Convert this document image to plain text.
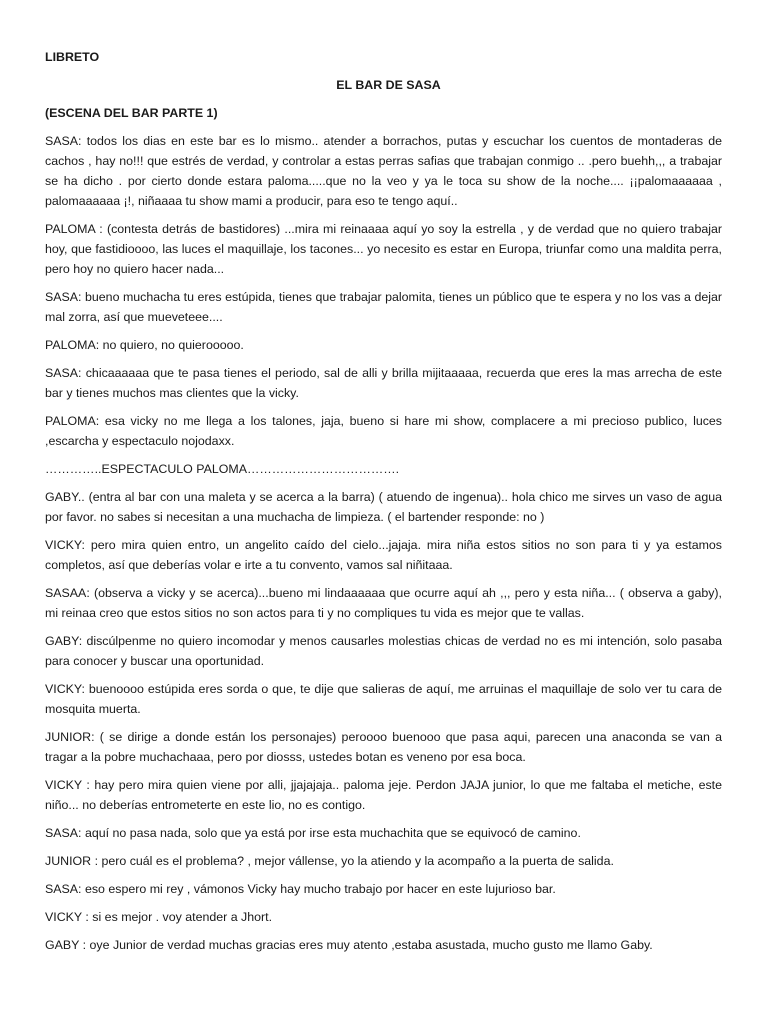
LIBRETO
EL BAR DE SASA
(ESCENA DEL BAR PARTE 1)

SASA: todos los dias en este bar es lo mismo.. atender a borrachos, putas y escuchar los cuentos de montaderas de cachos , hay no!!! que estrés de verdad, y controlar a estas perras safias que trabajan conmigo .. .pero buehh,,, a trabajar se ha dicho . por cierto donde estara paloma.....que no la veo y ya le toca su show de la noche.... ¡¡palomaaaaaa , palomaaaaaa ¡!, niñaaaa tu show mami a producir, para eso te tengo aquí..

PALOMA : (contesta detrás de bastidores) ...mira mi reinaaaa aquí yo soy la estrella , y de verdad que no quiero trabajar hoy, que fastidioooo, las luces el maquillaje, los tacones... yo necesito es estar en Europa, triunfar como una maldita perra, pero hoy no quiero hacer nada...

SASA: bueno muchacha tu eres estúpida, tienes que trabajar palomita, tienes un público que te espera y no los vas a dejar mal zorra, así que mueveteee....

PALOMA: no quiero, no quierooooo.

SASA: chicaaaaaa que te pasa tienes el periodo, sal de alli y brilla mijitaaaaa, recuerda que eres la mas arrecha de este bar y tienes muchos mas clientes que la vicky.

PALOMA: esa vicky no me llega a los talones, jaja, bueno si hare mi show, complacere a mi precioso publico, luces ,escarcha y espectaculo nojodaxx.

…………..ESPECTACULO PALOMA……………………………….

GABY.. (entra al bar con una maleta y se acerca a la barra) ( atuendo de ingenua).. hola chico me sirves un vaso de agua por favor. no sabes si necesitan a una muchacha de limpieza. ( el bartender responde: no )

VICKY: pero mira quien entro, un angelito caído del cielo...jajaja. mira niña estos sitios no son para ti y ya estamos completos, así que deberías volar e irte a tu convento, vamos sal niñitaaa.

SASAA: (observa a vicky y se acerca)...bueno mi lindaaaaaa que ocurre aquí ah ,,, pero y esta niña... ( observa a gaby), mi reinaa creo que estos sitios no son actos para ti y no compliques tu vida es mejor que te vallas.

GABY: discúlpenme no quiero incomodar y menos causarles molestias chicas de verdad no es mi intención, solo pasaba para conocer y buscar una oportunidad.

VICKY: buenoooo estúpida eres sorda o que, te dije que salieras de aquí, me arruinas el maquillaje de solo ver tu cara de mosquita muerta.

JUNIOR: ( se dirige a donde están los personajes) peroooo buenooo que pasa aqui, parecen una anaconda se van a tragar a la pobre muchachaaa, pero por diosss, ustedes botan es veneno por esa boca.

VICKY : hay pero mira quien viene por alli, jjajajaja.. paloma jeje. Perdon JAJA junior, lo que me faltaba el metiche, este niño... no deberías entrometerte en este lio, no es contigo.

SASA: aquí no pasa nada, solo que ya está por irse esta muchachita que se equivocó de camino.

JUNIOR : pero cuál es el problema? , mejor vállense, yo la atiendo y la acompaño a la puerta de salida.

SASA: eso espero mi rey , vámonos Vicky hay mucho trabajo por hacer en este lujurioso bar.

VICKY : si es mejor . voy atender a Jhort.

GABY : oye Junior de verdad muchas gracias eres muy atento ,estaba asustada, mucho gusto me llamo Gaby.
